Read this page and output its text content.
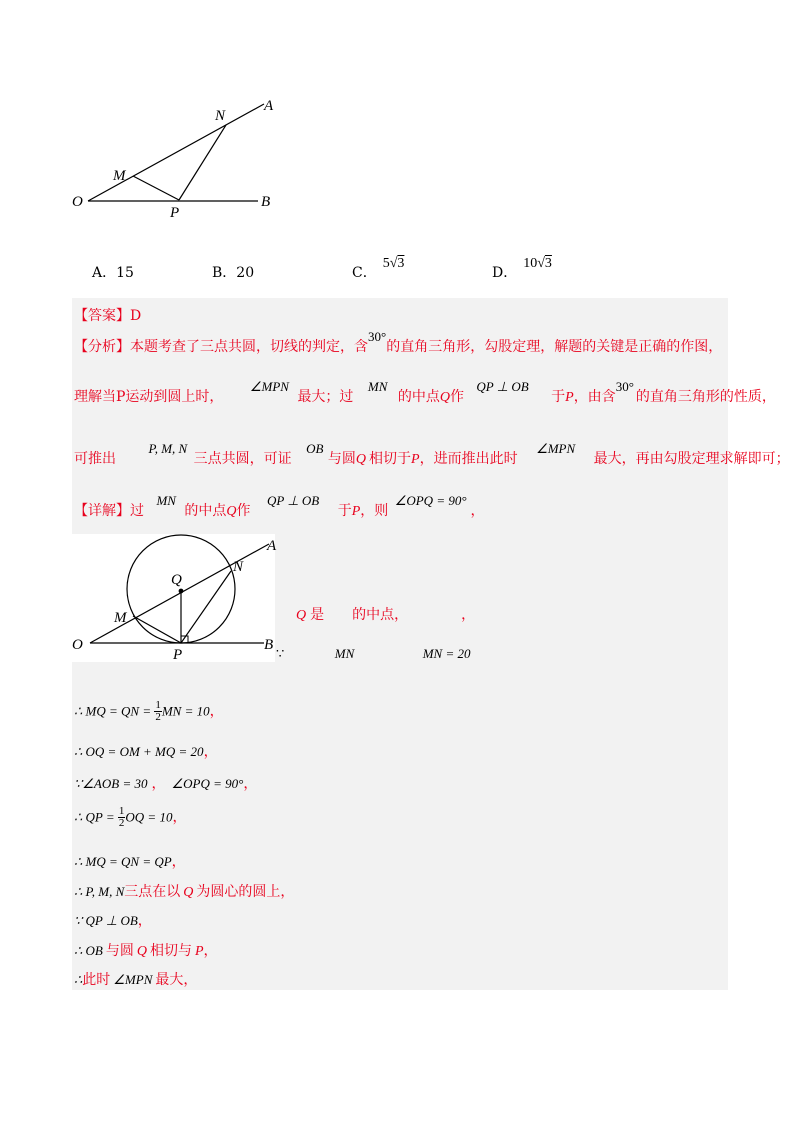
O
M
N
A
P
B
A．15	B．20	C．5√3
D．10√3
【答案】D
【分析】本题考查了三点共圆，切线的判定，含30°的直角三角形，勾股定理，解题的关键是正确的作图，
理解当P运动到圆上时， ∠MPN 最大；过 MN 的中点Q作 QP ⊥ OB 于P，由含30°的直角三角形的性质，
可推出 P, M, N 三点共圆，可证 OB 与圆Q 相切于P，进而推出此时 ∠MPN 最大，再由勾股定理求解即可；
【详解】过 MN 的中点Q作 QP ⊥ OB 于P，则 ∠OPQ = 90°，
O
M
Q
N
A
P
B
Q 是 的中点，	，
∵	MN	MN = 20
∴ MQ = QN = $\frac{1}{2}$ MN = 10，
∴ OQ = OM + MQ = 20，
∵∠AOB = 30 ， ∠OPQ = 90°，
∴ QP = $\frac{1}{2}$ OQ = 10，
∴ MQ = QN = QP，
∴ P, M, N三点在以 Q 为圆心的圆上，
∵ QP ⊥ OB，
∴ OB 与圆 Q 相切与 P，
∴此时 ∠MPN 最大，
